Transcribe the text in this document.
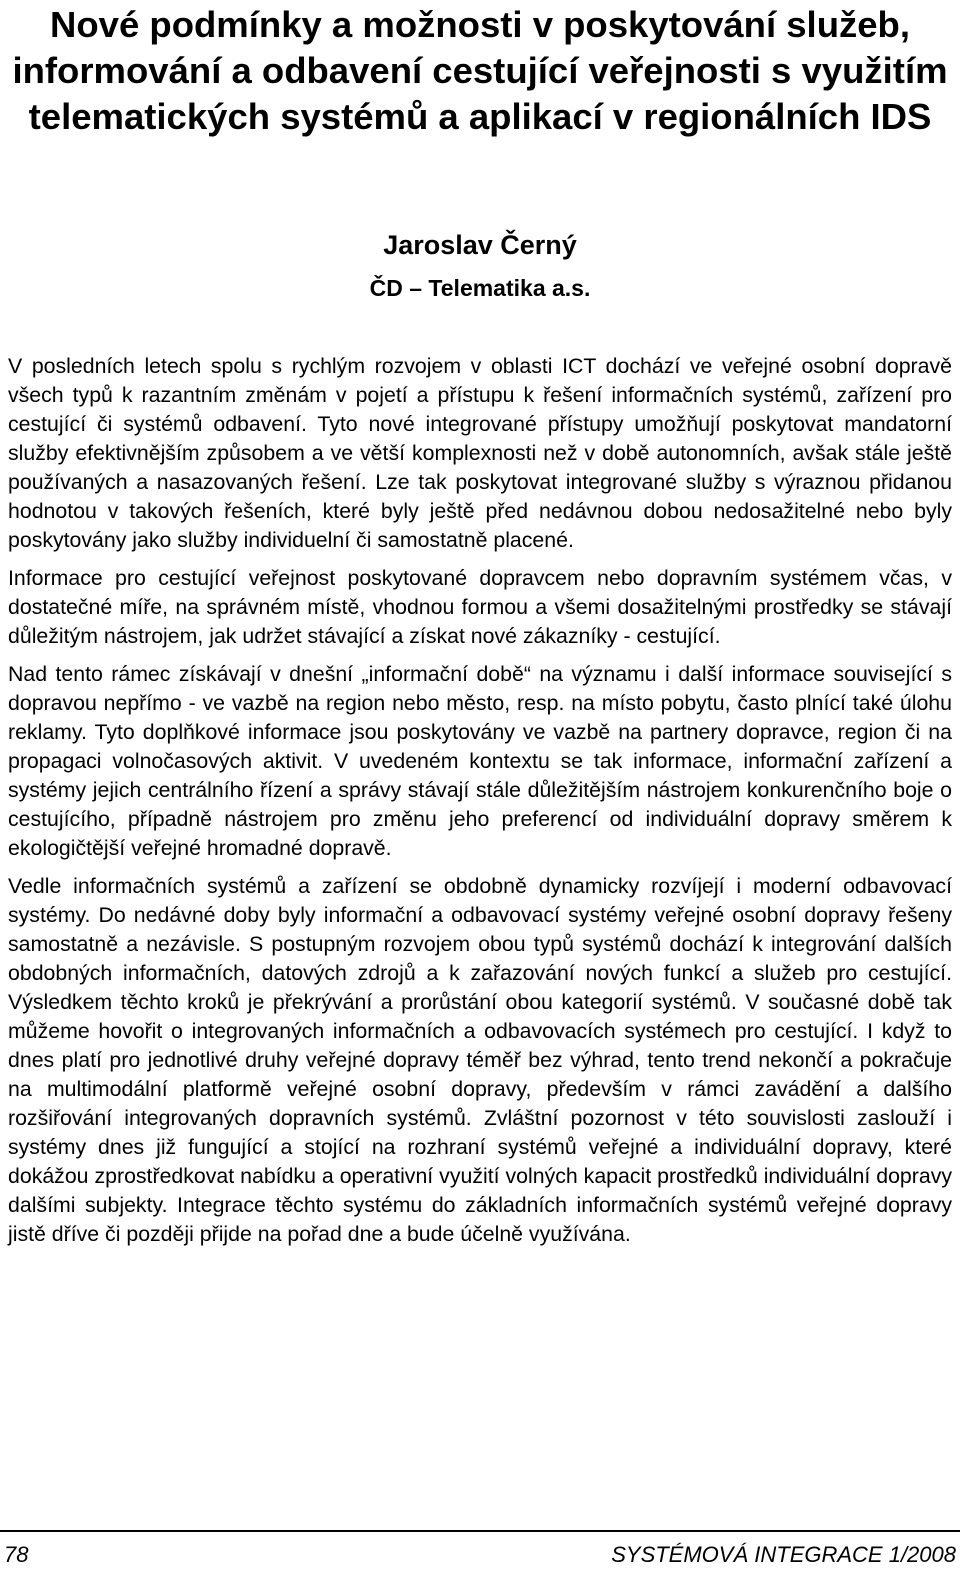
Nové podmínky a možnosti v poskytování služeb, informování a odbavení cestující veřejnosti s využitím telematických systémů a aplikací v regionálních IDS

Jaroslav Černý

ČD – Telematika a.s.

V posledních letech spolu s rychlým rozvojem v oblasti ICT dochází ve veřejné osobní dopravě všech typů k razantním změnám v pojetí a přístupu k řešení informačních systémů, zařízení pro cestující či systémů odbavení. Tyto nové integrované přístupy umožňují poskytovat mandatorní služby efektivnějším způsobem a ve větší komplexnosti než v době autonomních, avšak stále ještě používaných a nasazovaných řešení. Lze tak poskytovat integrované služby s výraznou přidanou hodnotou v takových řešeních, které byly ještě před nedávnou dobou nedosažitelné nebo byly poskytovány jako služby individuelní či samostatně placené.

Informace pro cestující veřejnost poskytované dopravcem nebo dopravním systémem včas, v dostatečné míře, na správném místě, vhodnou formou a všemi dosažitelnými prostředky se stávají důležitým nástrojem, jak udržet stávající a získat nové zákazníky - cestující.

Nad tento rámec získávají v dnešní „informační době“ na významu i další informace související s dopravou nepřímo - ve vazbě na region nebo město, resp. na místo pobytu, často plnící také úlohu reklamy. Tyto doplňkové informace jsou poskytovány ve vazbě na partnery dopravce, region či na propagaci volnočasových aktivit. V uvedeném kontextu se tak informace, informační zařízení a systémy jejich centrálního řízení a správy stávají stále důležitějším nástrojem konkurenčního boje o cestujícího, případně nástrojem pro změnu jeho preferencí od individuální dopravy směrem k ekologičtější veřejné hromadné dopravě.

Vedle informačních systémů a zařízení se obdobně dynamicky rozvíjejí i moderní odbavovací systémy. Do nedávné doby byly informační a odbavovací systémy veřejné osobní dopravy řešeny samostatně a nezávisle. S postupným rozvojem obou typů systémů dochází k integrování dalších obdobných informačních, datových zdrojů a k zařazování nových funkcí a služeb pro cestující. Výsledkem těchto kroků je překrývání a prorůstání obou kategorií systémů. V současné době tak můžeme hovořit o integrovaných informačních a odbavovacích systémech pro cestující. I když to dnes platí pro jednotlivé druhy veřejné dopravy téměř bez výhrad, tento trend nekončí a pokračuje na multimodální platformě veřejné osobní dopravy, především v rámci zavádění a dalšího rozšiřování integrovaných dopravních systémů. Zvláštní pozornost v této souvislosti zaslouží i systémy dnes již fungující a stojící na rozhraní systémů veřejné a individuální dopravy, které dokážou zprostředkovat nabídku a operativní využití volných kapacit prostředků individuální dopravy dalšími subjekty. Integrace těchto systému do základních informačních systémů veřejné dopravy jistě dříve či později přijde na pořad dne a bude účelně využívána.

78	SYSTÉMOVÁ INTEGRACE 1/2008
